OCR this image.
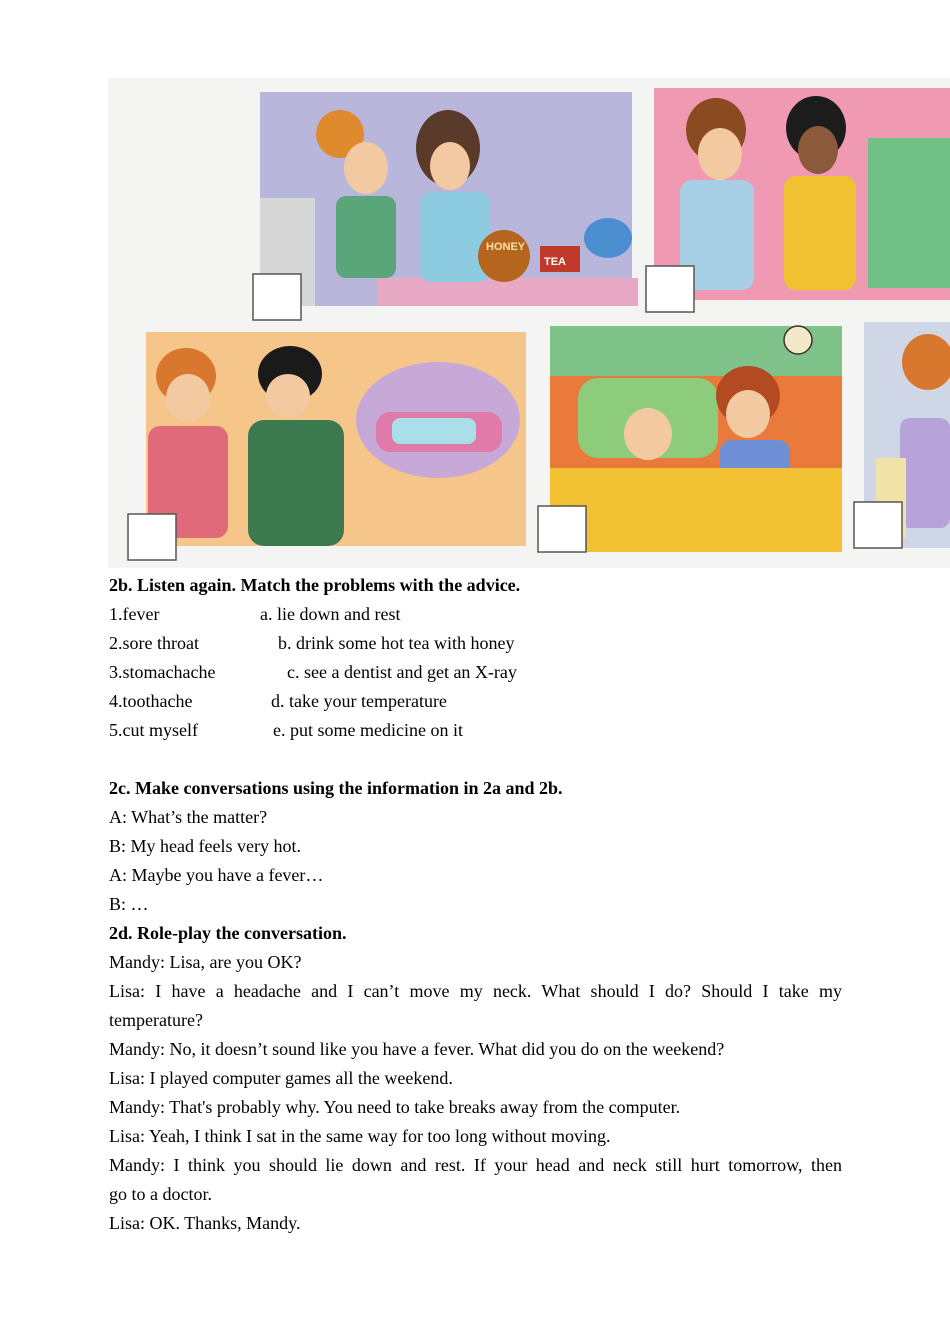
HONEY
TEA
2b. Listen again. Match the problems with the advice.
1.fever	a. lie down and rest
2.sore throat	b. drink some hot tea with honey
3.stomachache	c. see a dentist and get an X-ray
4.toothache	d. take your temperature
5.cut myself	e. put some medicine on it
2c. Make conversations using the information in 2a and 2b.
A: What’s the matter?
B: My head feels very hot.
A: Maybe you have a fever…
B: …
2d. Role-play the conversation.
Mandy: Lisa, are you OK?
Lisa: I have a headache and I can’t move my neck. What should I do? Should I take my
temperature?
Mandy: No, it doesn’t sound like you have a fever. What did you do on the weekend?
Lisa: I played computer games all the weekend.
Mandy: That's probably why. You need to take breaks away from the computer.
Lisa: Yeah, I think I sat in the same way for too long without moving.
Mandy: I think you should lie down and rest. If your head and neck still hurt tomorrow, then
go to a doctor.
Lisa: OK. Thanks, Mandy.
